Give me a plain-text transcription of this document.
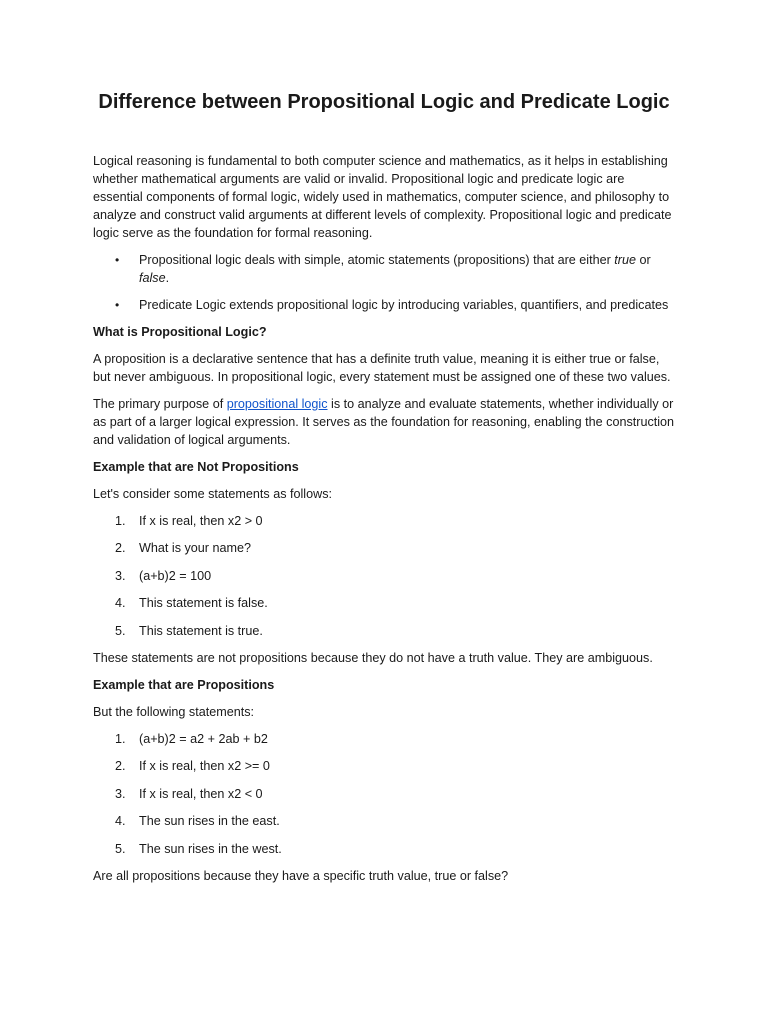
Difference between Propositional Logic and Predicate Logic

Logical reasoning is fundamental to both computer science and mathematics, as it helps in establishing whether mathematical arguments are valid or invalid. Propositional logic and predicate logic are essential components of formal logic, widely used in mathematics, computer science, and philosophy to analyze and construct valid arguments at different levels of complexity. Propositional logic and predicate logic serve as the foundation for formal reasoning.

• Propositional logic deals with simple, atomic statements (propositions) that are either true or false.
• Predicate Logic extends propositional logic by introducing variables, quantifiers, and predicates

What is Propositional Logic?

A proposition is a declarative sentence that has a definite truth value, meaning it is either true or false, but never ambiguous. In propositional logic, every statement must be assigned one of these two values.

The primary purpose of propositional logic is to analyze and evaluate statements, whether individually or as part of a larger logical expression. It serves as the foundation for reasoning, enabling the construction and validation of logical arguments.

Example that are Not Propositions

Let's consider some statements as follows:

1. If x is real, then x2 > 0
2. What is your name?
3. (a+b)2 = 100
4. This statement is false.
5. This statement is true.

These statements are not propositions because they do not have a truth value. They are ambiguous.

Example that are Propositions

But the following statements:

1. (a+b)2 = a2 + 2ab + b2
2. If x is real, then x2 >= 0
3. If x is real, then x2 < 0
4. The sun rises in the east.
5. The sun rises in the west.

Are all propositions because they have a specific truth value, true or false?
